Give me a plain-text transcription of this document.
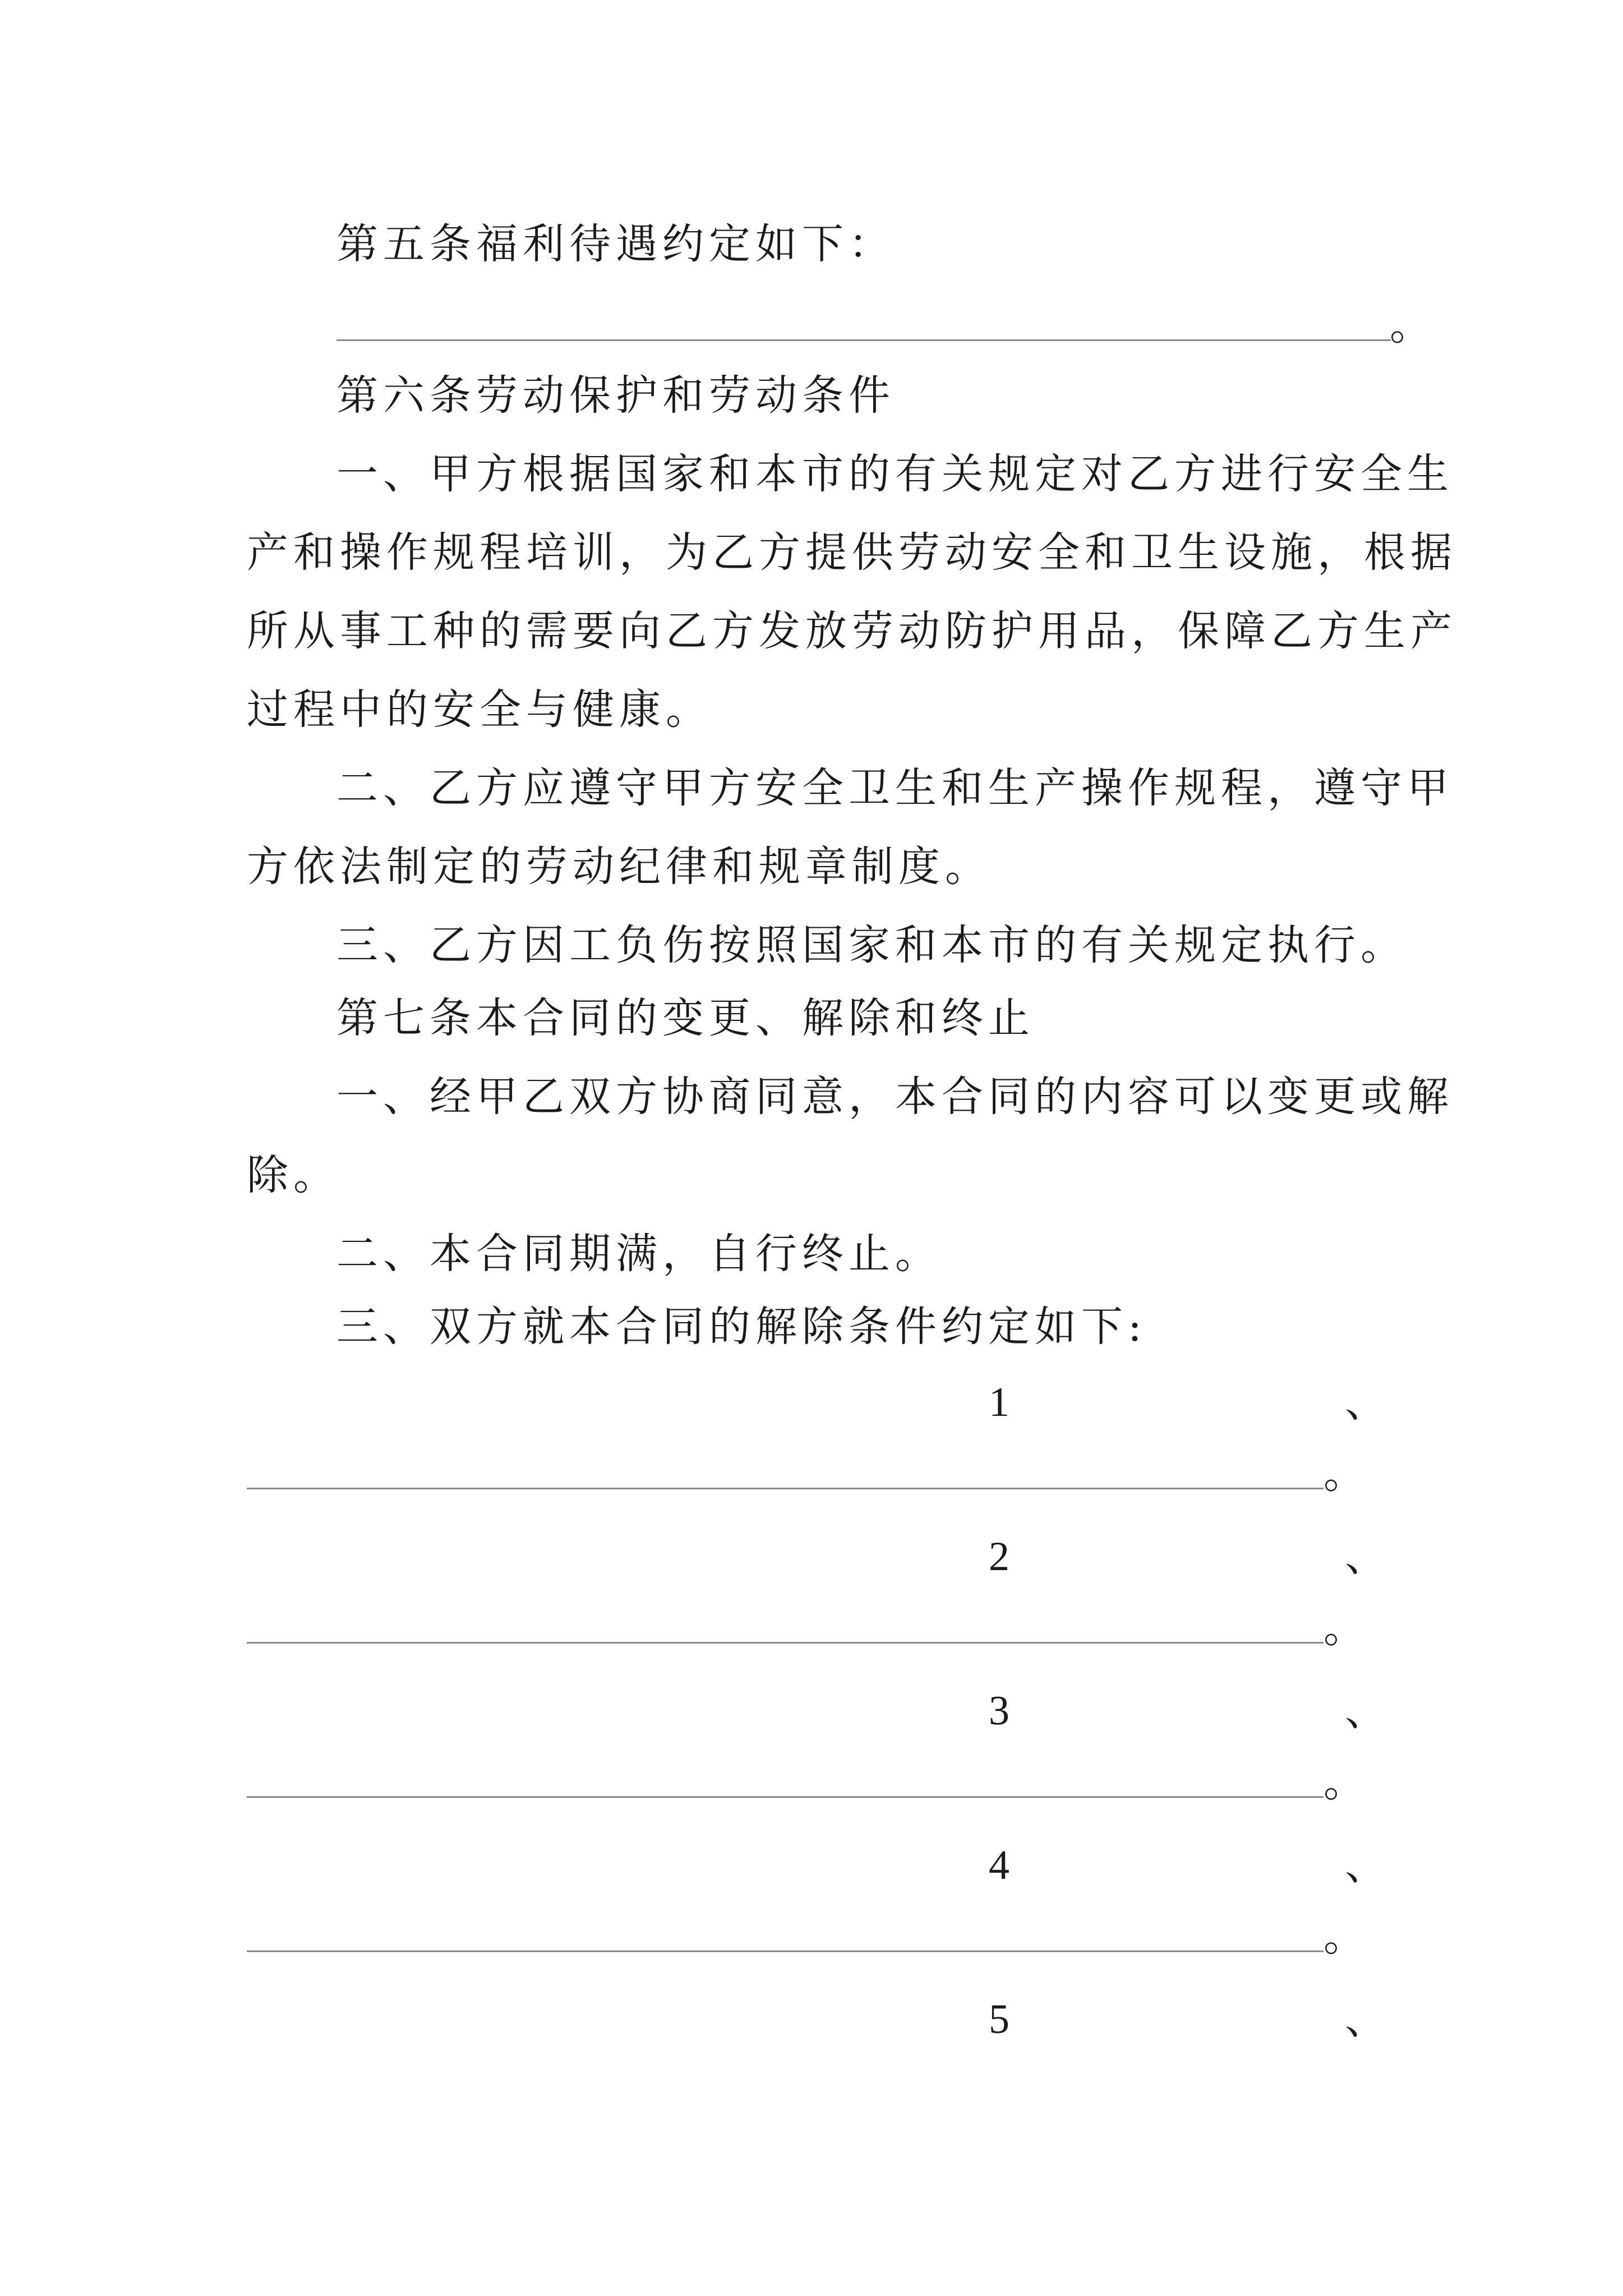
第五条福利待遇约定如下：
。
第六条劳动保护和劳动条件
一、甲方根据国家和本市的有关规定对乙方进行安全生
产和操作规程培训，为乙方提供劳动安全和卫生设施，根据
所从事工种的需要向乙方发放劳动防护用品，保障乙方生产
过程中的安全与健康。
二、乙方应遵守甲方安全卫生和生产操作规程，遵守甲
方依法制定的劳动纪律和规章制度。
三、乙方因工负伤按照国家和本市的有关规定执行。
第七条本合同的变更、解除和终止
一、经甲乙双方协商同意，本合同的内容可以变更或解
除。
二、本合同期满，自行终止。
三、双方就本合同的解除条件约定如下:
1	、
。
2	、
。
3	、
。
4	、
。
5	、
